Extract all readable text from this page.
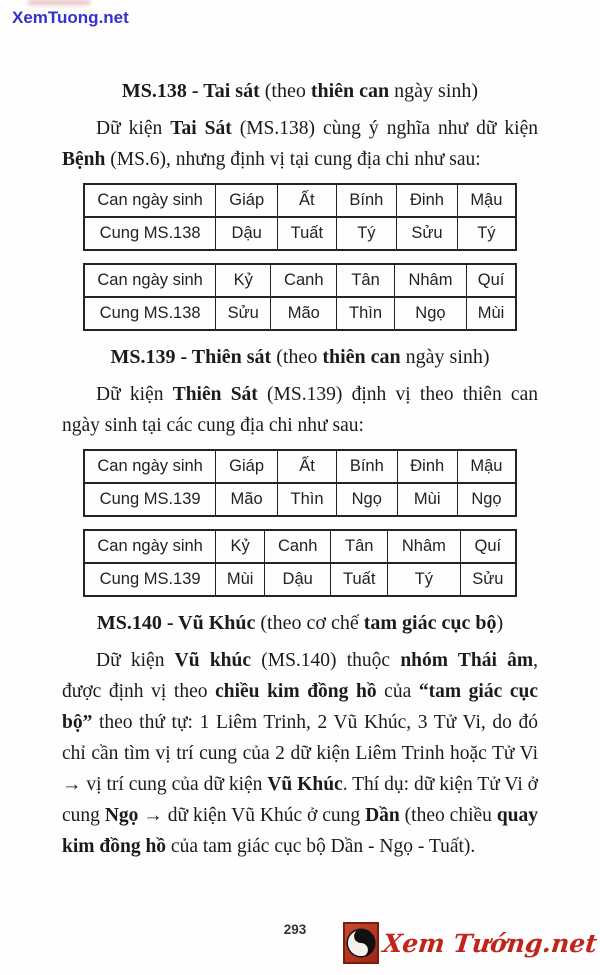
XemTuong.net
MS.138 - Tai sát (theo thiên can ngày sinh)

Dữ kiện Tai Sát (MS.138) cùng ý nghĩa như dữ kiện Bệnh (MS.6), nhưng định vị tại cung địa chi như sau:

Can ngày sinh	Giáp	Ất	Bính	Đinh	Mậu
Cung MS.138	Dậu	Tuất	Tý	Sửu	Tý
Can ngày sinh	Kỷ	Canh	Tân	Nhâm	Quí
Cung MS.138	Sửu	Mão	Thìn	Ngọ	Mùi
MS.139 - Thiên sát (theo thiên can ngày sinh)

Dữ kiện Thiên Sát (MS.139) định vị theo thiên can ngày sinh tại các cung địa chi như sau:

Can ngày sinh	Giáp	Ất	Bính	Đinh	Mậu
Cung MS.139	Mão	Thìn	Ngọ	Mùi	Ngọ
Can ngày sinh	Kỷ	Canh	Tân	Nhâm	Quí
Cung MS.139	Mùi	Dậu	Tuất	Tý	Sửu
MS.140 - Vũ Khúc (theo cơ chế tam giác cục bộ)

Dữ kiện Vũ khúc (MS.140) thuộc nhóm Thái âm, được định vị theo chiều kim đồng hồ của “tam giác cục bộ” theo thứ tự: 1 Liêm Trinh, 2 Vũ Khúc, 3 Tử Vi, do đó chỉ cần tìm vị trí cung của 2 dữ kiện Liêm Trinh hoặc Tử Vi → vị trí cung của dữ kiện Vũ Khúc. Thí dụ: dữ kiện Tử Vi ở cung Ngọ → dữ kiện Vũ Khúc ở cung Dần (theo chiều quay kim đồng hồ của tam giác cục bộ Dần - Ngọ - Tuất).

293	Xem Tướng.net
